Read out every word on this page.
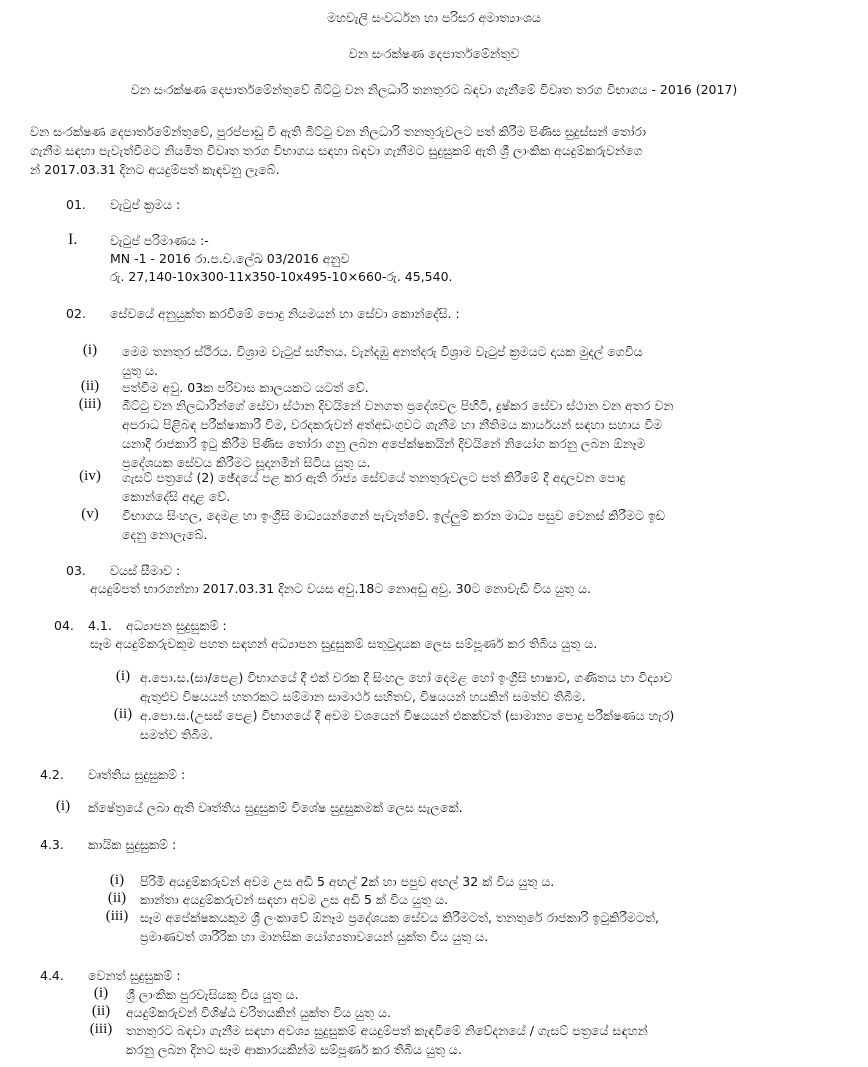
මහවැලි සංවර්ධන හා පරිසර අමාත්‍යාංශය
වන සංරක්ෂණ දෙපාර්තමේන්තුව
වන සංරක්ෂණ දෙපාර්තමේන්තුවේ බීට්ටු වන නිලධාරි තනතුරට බඳවා ගැනීමේ විවෘත තරග විභාගය - 2016 (2017)
වන සංරක්ෂණ දෙපාර්තමේන්තුවේ, පුරප්පාඩු වී ඇති බීට්ටු වන නිලධාරි තනතුරුවලට පත් කිරීම පිණිස සුදුස්සන් තෝරා
ගැනීම සඳහා පැවැත්වීමට නියමිත විවෘත තරග විභාගය සඳහා බඳවා ගැනීමට සුදුසුකම් ඇති ශ්‍රී ලාංකික අයදුම්කරුවන්ගෙ
න් 2017.03.31 දිනට අයදුම්පත් කැඳවනු ලැබේ.
01. වැටුප් ක්‍රමය :
I.	වැටුප් පරිමාණය :-
MN -1 - 2016 රා.ප.ච.ලේඛ 03/2016 අනුව
රු. 27,140-10x300-11x350-10x495-10×660-රු. 45,540.
02. සේවයේ අනුයුක්ත කරවීමේ පොදු නියමයන් හා සේවා කොන්දේසි. :
(i)	මෙම තනතුර ස්ථිරය. විශ්‍රාම වැටුප් සහිතය. වැන්දඹු අනත්දරු විශ්‍රාම වැටුප් ක්‍රමයට දායක මුදල් ගෙවිය
යුතු ය.
(ii)	පත්වීම අවු. 03ක පරිවාස කාලයකට යටත් වේ.
(iii)	බීට්ටු වන නිලධාරීන්ගේ සේවා ස්ථාන දිවයිනේ වනගත ප්‍රදේශවල පිහිටි, දුෂ්කර සේවා ස්ථාන වන අතර වන
අපරාධ පිළිබඳ පරීක්ෂාකාරී විම, වරදකරුවන් අත්අඩංගුවට ගැනීම හා නීතිමය කාර්යයන් සඳහා සහාය වීම
යනාදී රාජකාරි ඉටු කිරීම පිණිස තෝරා ගනු ලබන අපේක්ෂකයින් දිවයිනේ නියෝග කරනු ලබන ඕනෑම
ප්‍රදේශයක සේවය කිරීමට සූදානමින් සිටිය යුතු ය.
(iv)	ගැසට් පත්‍රයේ (2) ඡේදයේ පළ කර ඇති රාජ්‍ය සේවයේ තනතුරුවලට පත් කිරීමේ දී අදාලවන පොදු
කොන්දේසි අදාළ වේ.
(v)	විභාගය සිංහල, දෙමළ හා ඉංග්‍රීසි මාධ්‍යයන්ගෙන් පැවැත්වේ. ඉල්ලුම් කරන මාධ්‍ය පසුව වෙනස් කිරීමට ඉඩ
දෙනු නොලැබේ.
03. වයස් සීමාව :
අයදුම්පත් භාරගන්නා 2017.03.31 දිනට වයස අවු.18ට නොඅඩු අවු. 30ට නොවැඩි විය යුතු ය.
04. 4.1. අධ්‍යාපන සුදුසුකම් :
සෑම අයදුම්කරුවකුම පහත සඳහන් අධ්‍යාපන සුදුසුකම් සතුටුදායක ලෙස සම්පූර්ණ කර තිබිය යුතු ය.
(i) අ.පො.ස.(සා/පෙළ) විභාගයේ දී එක් වරක දී සිංහල හෝ දෙමළ හෝ ඉංග්‍රීසි භාෂාව, ගණිතය හා විද්‍යාව
ඇතුළුව විෂයයන් හතරකට සම්මාන සාමාර්ථ සහිතව, විෂයයන් හයකින් සමත්ව තිබීම.
(ii) අ.පො.ස.(උසස් පෙළ) විභාගයේ දී අවම වශයෙන් විෂයයන් එකක්වත් (සාමාන්‍ය පොදු පරීක්ෂණය හැර)
සමත්ව තිබීම.
4.2. වෘත්තිය සුදුසුකම් :
(i)	ක්ෂේත්‍රයේ ලබා ඇති වෘත්තිය සුදුසුකම් විශේෂ සුදුසුකමක් ලෙස සැලකේ.
4.3. කායික සුදුසුකම් :
(i)	පිරිමි අයදුම්කරුවන් අවම උස අඩි 5 අඟල් 2ක් හා පපුව අඟල් 32 ක් විය යුතු ය.
(ii)	කාන්තා අයදුම්කරුවන් සඳහා අවම උස අඩි 5 ක් විය යුතු ය.
(iii) සෑම අපේක්ෂකයකුම ශ්‍රී ලංකාවේ ඕනෑම ප්‍රදේශයක සේවය කිරීමටත්, තනතුරේ රාජකාරි ඉටුකිරීමටත්,
ප්‍රමාණවත් ශාරීරික හා මානසික යෝග්‍යතාවයෙන් යුක්ත විය යුතු ය.
4.4. වෙනත් සුදුසුකම් :
(i)	ශ්‍රී ලාංකික පුරවැසියකු විය යුතු ය.
(ii)	අයදුම්කරුවන් විශිෂ්ඨ චරිතයකින් යුක්ත විය යුතු ය.
(iii)	තනතුරට බඳවා ගැනීම සඳහා අවශ්‍ය සුදුසුකම් අයදුම්පත් කැඳවීමේ නිවේදනයේ / ගැසට් පත්‍රයේ සඳහන්
කරනු ලබන දිනට සෑම ආකාරයකින්ම සම්පූර්ණ කර තිබිය යුතු ය.
